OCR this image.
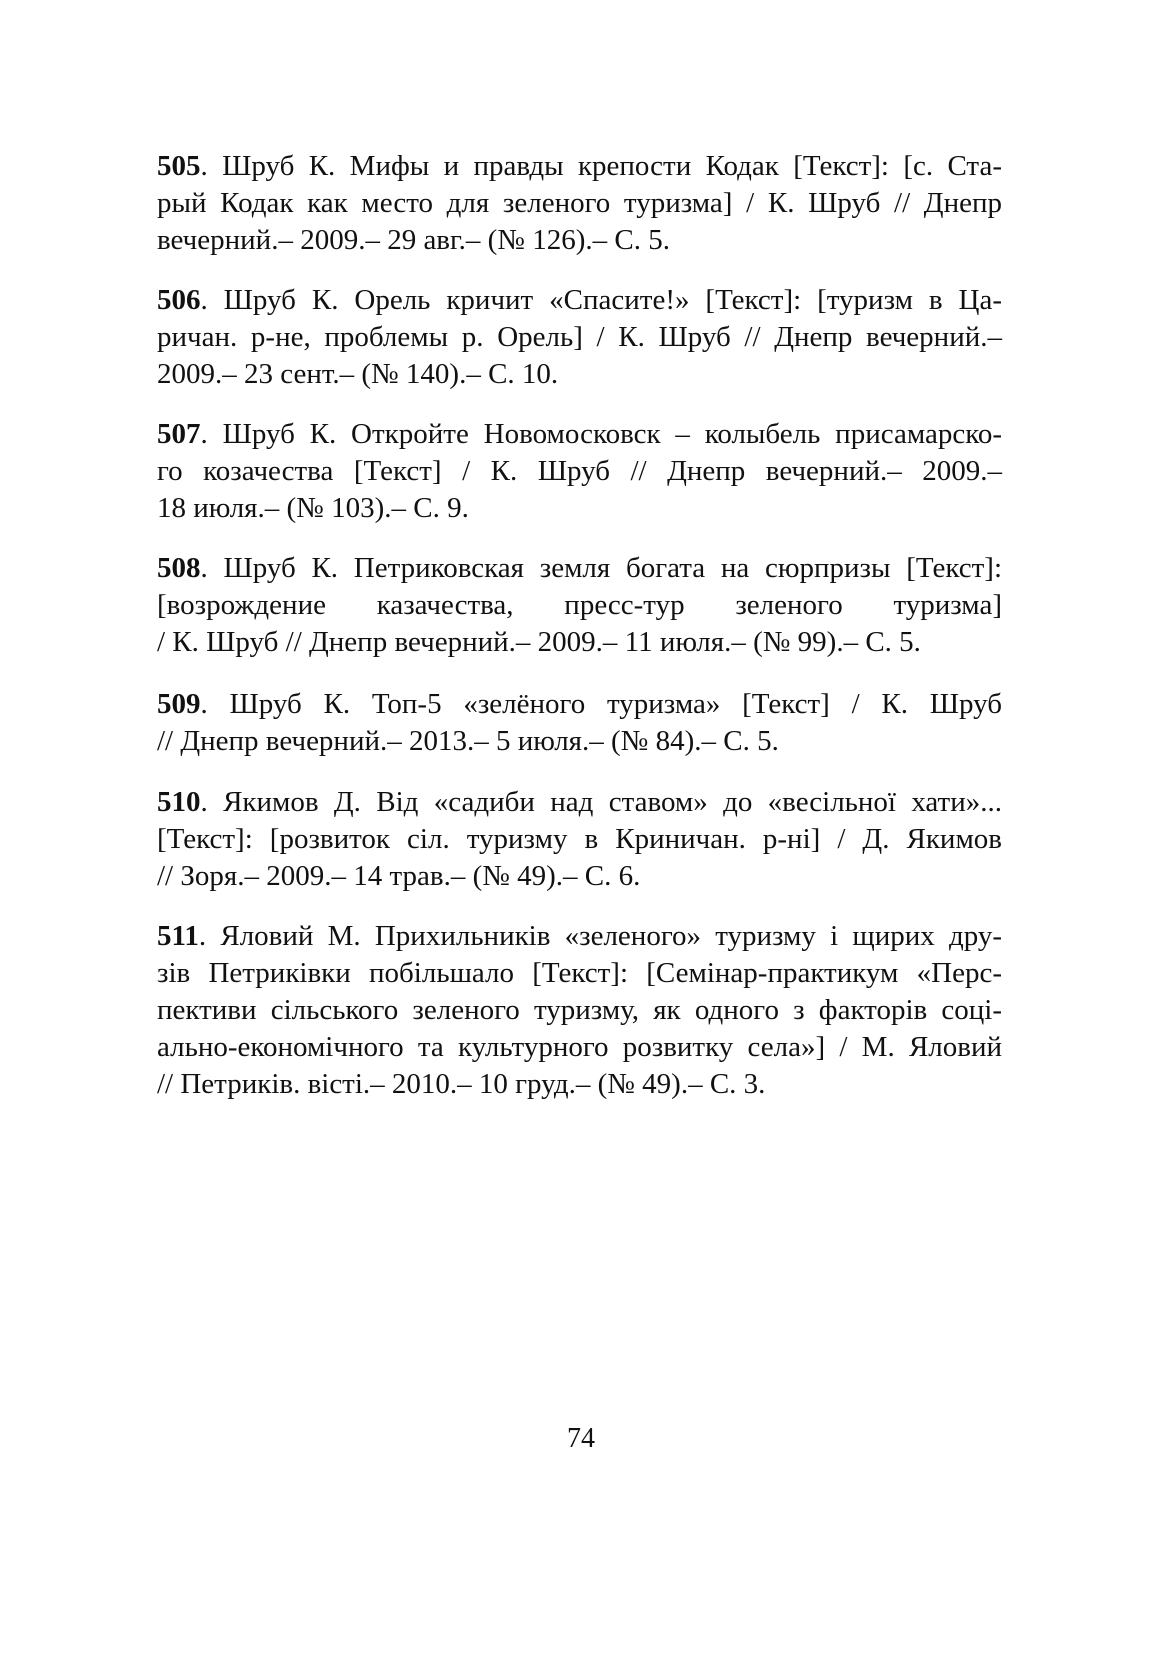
505. Шруб К. Мифы и правды крепости Кодак [Текст]: [с. Ста-
рый Кодак как место для зеленого туризма] / К. Шруб // Днепр
вечерний.– 2009.– 29 авг.– (№ 126).– С. 5.
506. Шруб К. Орель кричит «Спасите!» [Текст]: [туризм в Ца-
ричан. р-не, проблемы р. Орель] / К. Шруб // Днепр вечерний.–
2009.– 23 сент.– (№ 140).– С. 10.
507. Шруб К. Откройте Новомосковск – колыбель присамарско-
го козачества [Текст] / К. Шруб // Днепр вечерний.– 2009.–
18 июля.– (№ 103).– С. 9.
508. Шруб К. Петриковская земля богата на сюрпризы [Текст]:
[возрождение казачества, пресс-тур зеленого туризма]
/ К. Шруб // Днепр вечерний.– 2009.– 11 июля.– (№ 99).– С. 5.
509. Шруб К. Топ-5 «зелёного туризма» [Текст] / К. Шруб
// Днепр вечерний.– 2013.– 5 июля.– (№ 84).– С. 5.
510. Якимов Д. Від «садиби над ставом» до «весільної хати»...
[Текст]: [розвиток сіл. туризму в Криничан. р-ні] / Д. Якимов
// Зоря.– 2009.– 14 трав.– (№ 49).– С. 6.
511. Яловий М. Прихильників «зеленого» туризму і щирих дру-
зів Петриківки побільшало [Текст]: [Семінар-практикум «Перс-
пективи сільського зеленого туризму, як одного з факторів соці-
ально-економічного та культурного розвитку села»] / М. Яловий
// Петриків. вісті.– 2010.– 10 груд.– (№ 49).– С. 3.
74
